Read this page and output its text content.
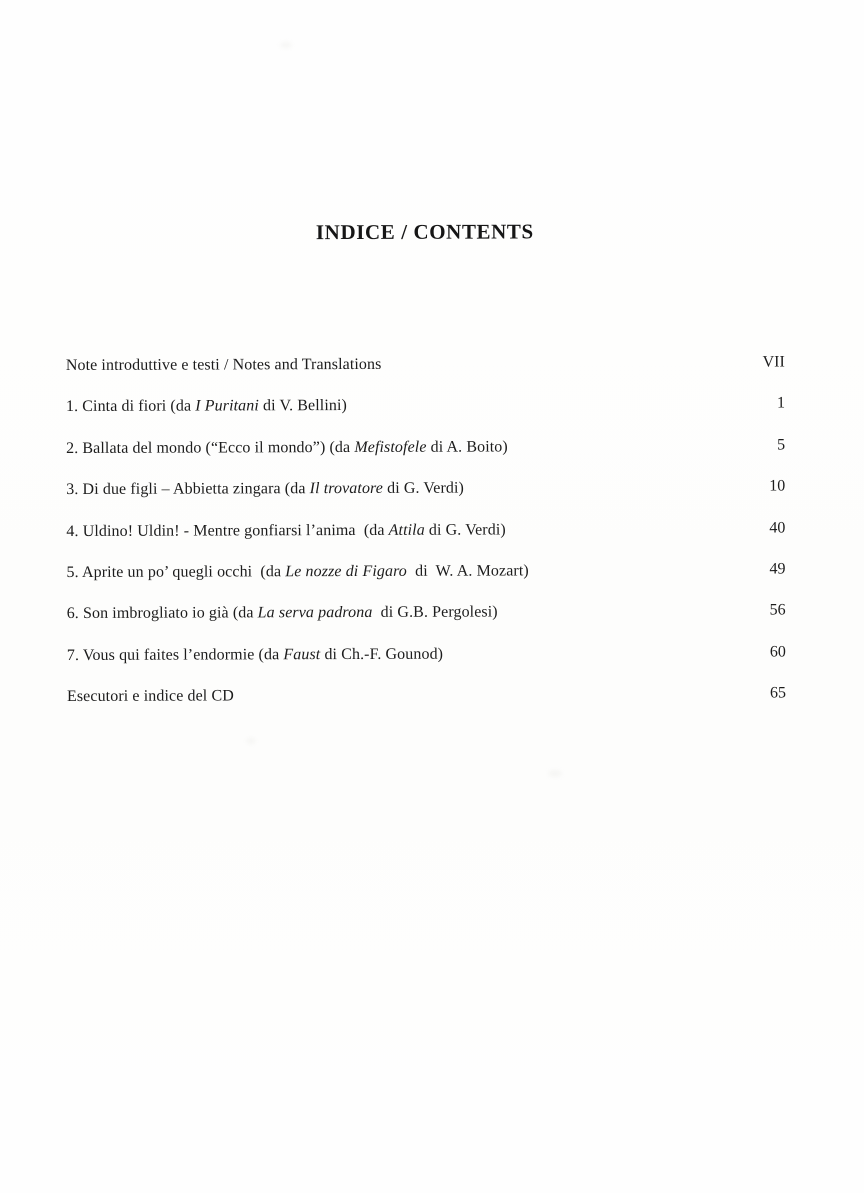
INDICE / CONTENTS
Note introduttive e testi / Notes and Translations	VII
1. Cinta di fiori (da I Puritani di V. Bellini)	1
2. Ballata del mondo (“Ecco il mondo”) (da Mefistofele di A. Boito)	5
3. Di due figli – Abbietta zingara (da Il trovatore di G. Verdi)	10
4. Uldino! Uldin! - Mentre gonfiarsi l’anima  (da Attila di G. Verdi)	40
5. Aprite un po’ quegli occhi  (da Le nozze di Figaro  di  W. A. Mozart)	49
6. Son imbrogliato io già (da La serva padrona  di G.B. Pergolesi)	56
7. Vous qui faites l’endormie (da Faust di Ch.-F. Gounod)	60
Esecutori e indice del CD	65
